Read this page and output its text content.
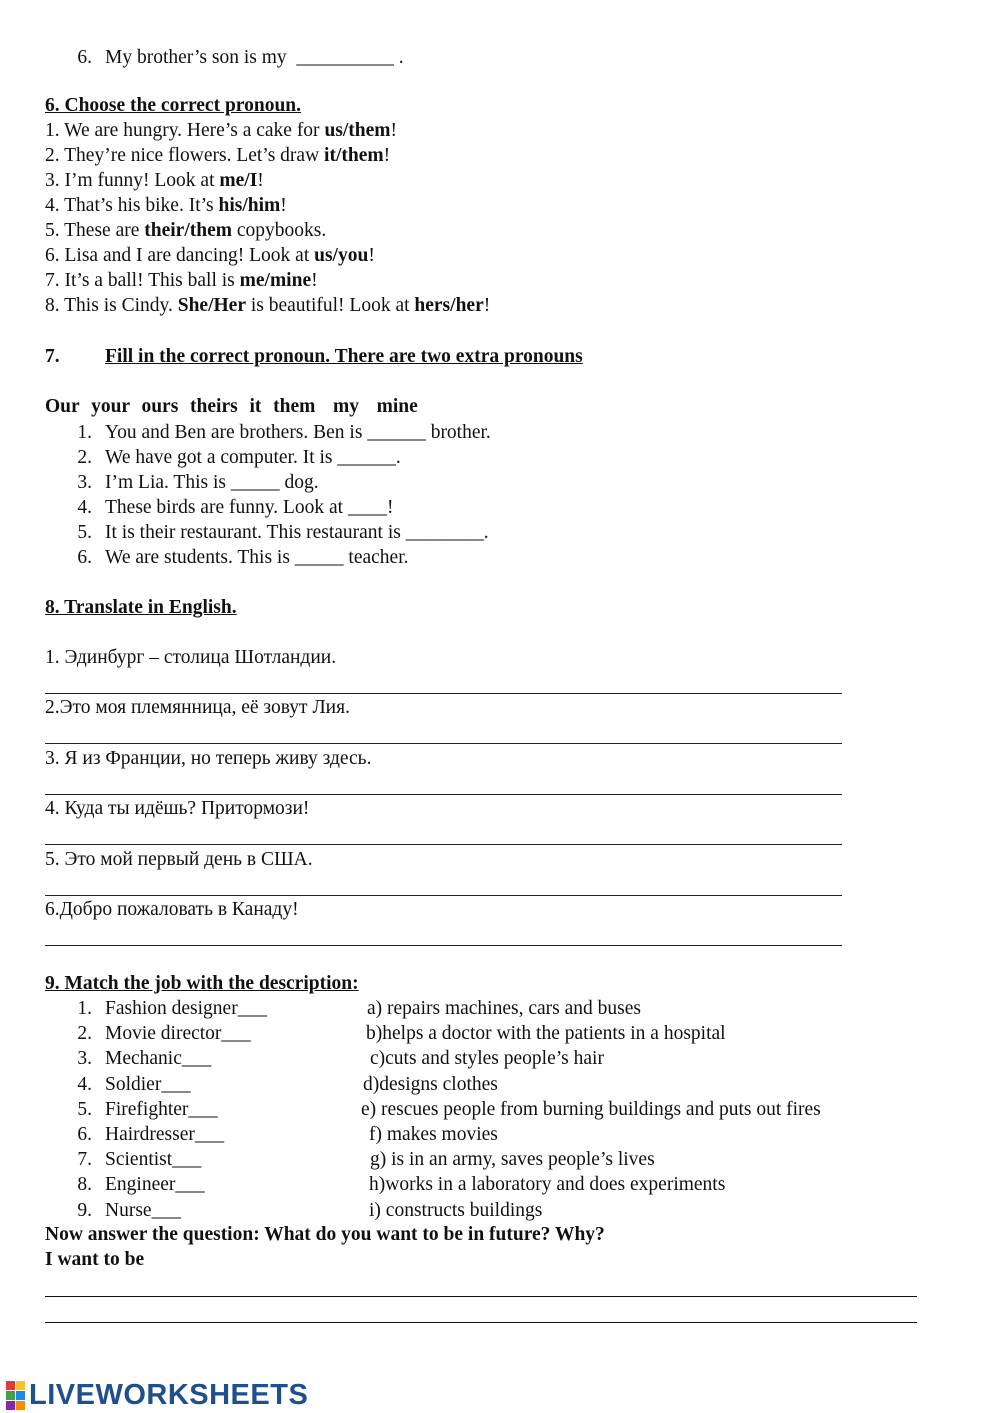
6. My brother’s son is my  __________ .
6. Choose the correct pronoun.
1. We are hungry. Here’s a cake for us/them!
2. They’re nice flowers. Let’s draw it/them!
3. I’m funny! Look at me/I!
4. That’s his bike. It’s his/him!
5. These are their/them copybooks.
6. Lisa and I are dancing! Look at us/you!
7. It’s a ball! This ball is me/mine!
8. This is Cindy. She/Her is beautiful! Look at hers/her!
7. Fill in the correct pronoun. There are two extra pronouns
Our  your  ours  theirs  it  them   my   mine
1. You and Ben are brothers. Ben is ______ brother.
2. We have got a computer. It is ______.
3. I’m Lia. This is _____ dog.
4. These birds are funny. Look at ____!
5. It is their restaurant. This restaurant is ________.
6. We are students. This is _____ teacher.
8. Translate in English.
1. Эдинбург – столица Шотландии.
2.Это моя племянница, её зовут Лия.
3. Я из Франции, но теперь живу здесь.
4. Куда ты идёшь? Притормози!
5. Это мой первый день в США.
6.Добро пожаловать в Канаду!
9. Match the job with the description:
1. Fashion designer___	a) repairs machines, cars and buses
2. Movie director___	b)helps a doctor with the patients in a hospital
3. Mechanic___	c)cuts and styles people’s hair
4. Soldier___	d)designs clothes
5. Firefighter___	e) rescues people from burning buildings and puts out fires
6. Hairdresser___	f) makes movies
7. Scientist___	g) is in an army, saves people’s lives
8. Engineer___	h)works in a laboratory and does experiments
9. Nurse___	i) constructs buildings
Now answer the question: What do you want to be in future? Why?
I want to be
LIVEWORKSHEETS
